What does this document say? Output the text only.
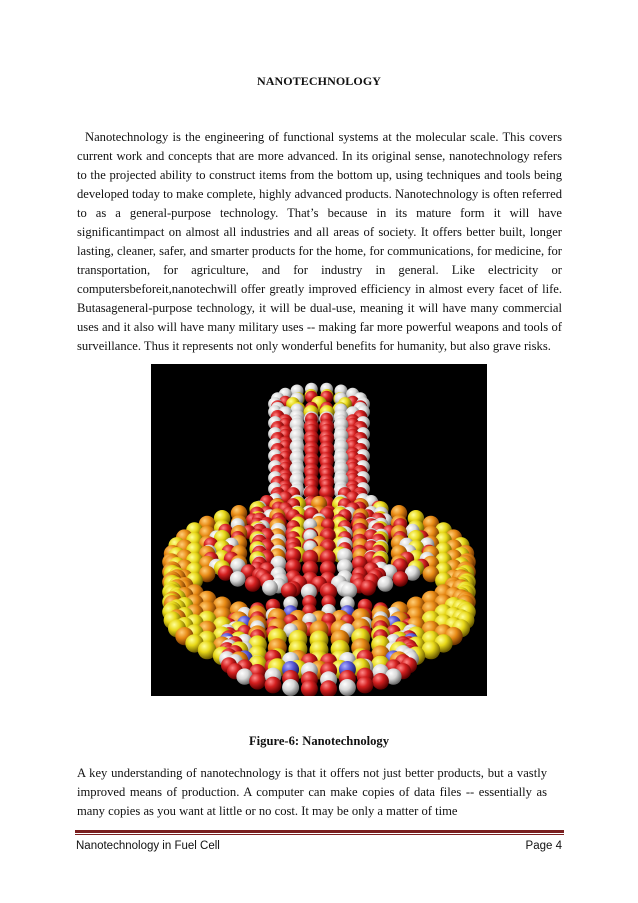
NANOTECHNOLOGY

Nanotechnology is the engineering of functional systems at the molecular scale. This covers current work and concepts that are more advanced. In its original sense, nanotechnology refers to the projected ability to construct items from the bottom up, using techniques and tools being developed today to make complete, highly advanced products. Nanotechnology is often referred to as a general-purpose technology. That’s because in its mature form it will have significantimpact on almost all industries and all areas of society. It offers better built, longer lasting, cleaner, safer, and smarter products for the home, for communications, for medicine, for transportation, for agriculture, and for industry in general. Like electricity or computersbeforeit,nanotechwill offer greatly improved efficiency in almost every facet of life. Butasageneral-purpose technology, it will be dual-use, meaning it will have many commercial uses and it also will have many military uses -- making far more powerful weapons and tools of surveillance. Thus it represents not only wonderful benefits for humanity, but also grave risks.

Figure-6: Nanotechnology

A key understanding of nanotechnology is that it offers not just better products, but a vastly improved means of production. A computer can make copies of data files -- essentially as many copies as you want at little or no cost. It may be only a matter of time

Nanotechnology in Fuel Cell	Page 4
